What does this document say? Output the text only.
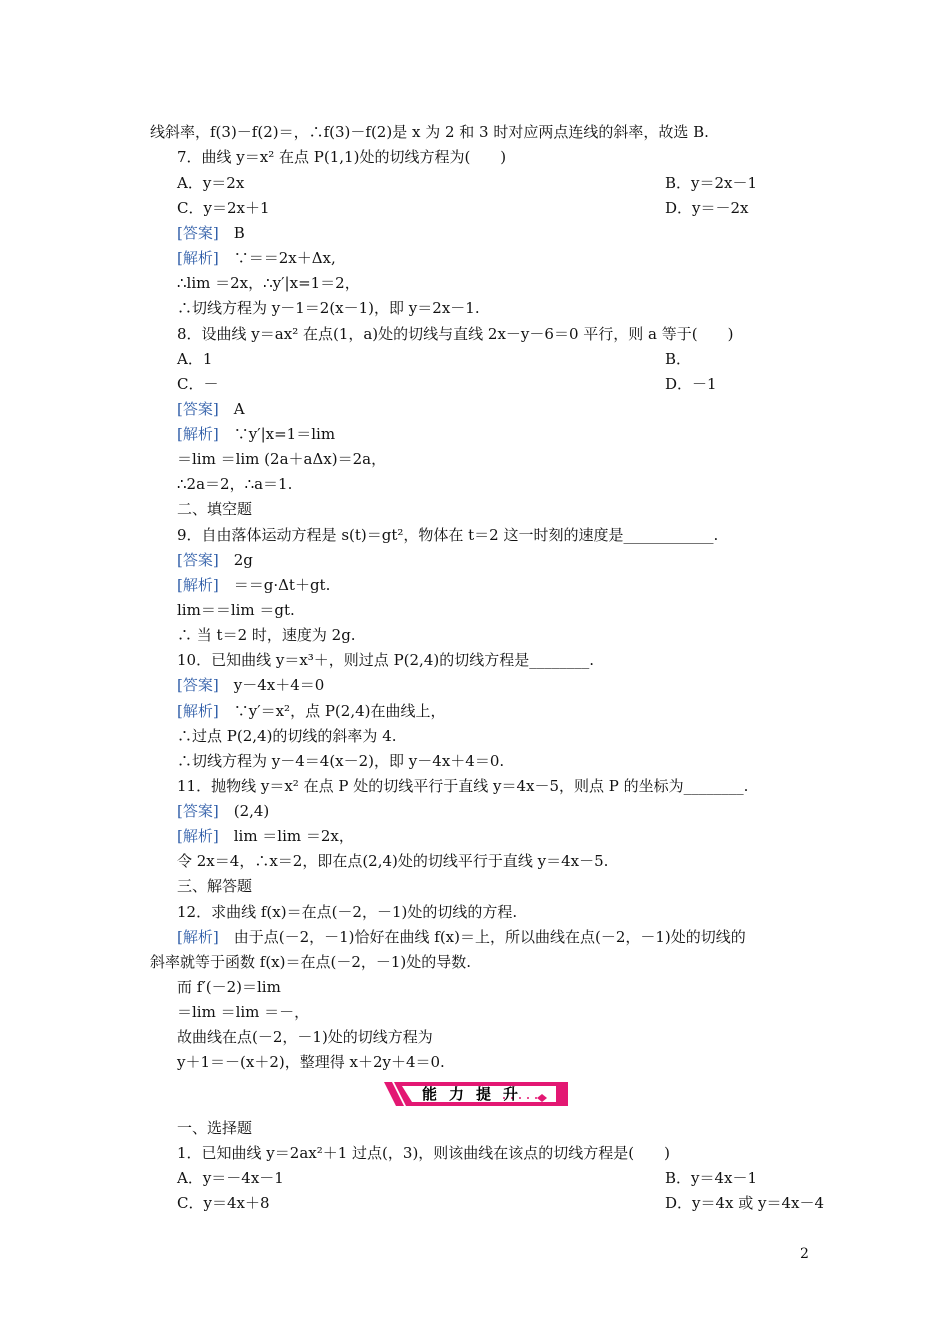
线斜率，f(3)－f(2)＝，∴f(3)－f(2)是 x 为 2 和 3 时对应两点连线的斜率，故选 B.
7．曲线 y＝x² 在点 P(1,1)处的切线方程为(　　)
A．y＝2x	B．y＝2x－1
C．y＝2x＋1	D．y＝－2x
[答案]　B
[解析]　∵＝＝2x＋Δx,
∴lim ＝2x，∴y′|x=1＝2，
∴切线方程为 y－1＝2(x－1)，即 y＝2x－1.
8．设曲线 y＝ax² 在点(1，a)处的切线与直线 2x－y－6＝0 平行，则 a 等于(　　)
A．1	B．
C．－	D．－1
[答案]　A
[解析]　∵y′|x=1＝lim
＝lim ＝lim (2a＋aΔx)＝2a，
∴2a＝2，∴a＝1.
二、填空题
9．自由落体运动方程是 s(t)＝gt²，物体在 t＝2 这一时刻的速度是____________.
[答案]　2g
[解析]　＝＝g·Δt＋gt.
lim＝＝lim ＝gt.
∴ 当 t＝2 时，速度为 2g.
10．已知曲线 y＝x³＋，则过点 P(2,4)的切线方程是________.
[答案]　y－4x＋4＝0
[解析]　∵y′＝x²，点 P(2,4)在曲线上，
∴过点 P(2,4)的切线的斜率为 4.
∴切线方程为 y－4＝4(x－2)，即 y－4x＋4＝0.
11．抛物线 y＝x² 在点 P 处的切线平行于直线 y＝4x－5，则点 P 的坐标为________.
[答案]　(2,4)
[解析]　lim ＝lim ＝2x，
令 2x＝4，∴x＝2，即在点(2,4)处的切线平行于直线 y＝4x－5.
三、解答题
12．求曲线 f(x)＝在点(－2，－1)处的切线的方程.
[解析]　由于点(－2，－1)恰好在曲线 f(x)＝上，所以曲线在点(－2，－1)处的切线的
斜率就等于函数 f(x)＝在点(－2，－1)处的导数.
而 f′(－2)＝lim
＝lim ＝lim ＝－，
故曲线在点(－2，－1)处的切线方程为
y＋1＝－(x＋2)，整理得 x＋2y＋4＝0.
能力提升
一、选择题
1．已知曲线 y＝2ax²＋1 过点(，3)，则该曲线在该点的切线方程是(　　)
A．y＝－4x－1	B．y＝4x－1
C．y＝4x＋8	D．y＝4x 或 y＝4x－4
2
